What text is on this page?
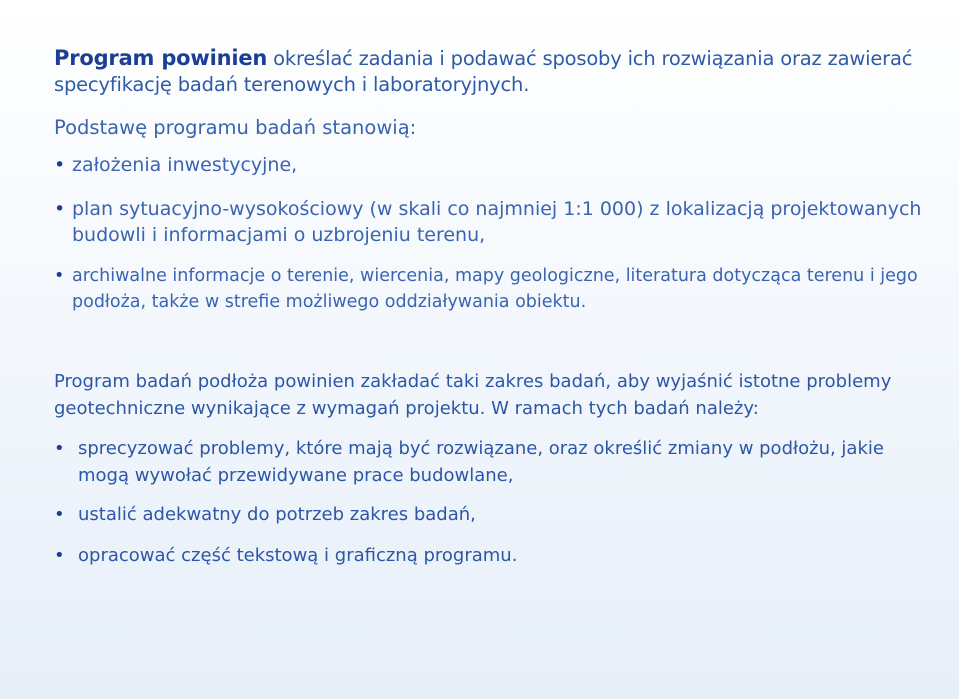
Program powinien określać zadania i podawać sposoby ich rozwiązania oraz zawierać specyfikację badań terenowych i laboratoryjnych.
Podstawę programu badań stanowią:
• założenia inwestycyjne,
• plan sytuacyjno-wysokościowy (w skali co najmniej 1:1 000) z lokalizacją projektowanych budowli i informacjami o uzbrojeniu terenu,
• archiwalne informacje o terenie, wiercenia, mapy geologiczne, literatura dotycząca terenu i jego podłoża, także w strefie możliwego oddziaływania obiektu.
Program badań podłoża powinien zakładać taki zakres badań, aby wyjaśnić istotne problemy geotechniczne wynikające z wymagań projektu. W ramach tych badań należy:
• sprecyzować problemy, które mają być rozwiązane, oraz określić zmiany w podłożu, jakie mogą wywołać przewidywane prace budowlane,
• ustalić adekwatny do potrzeb zakres badań,
• opracować część tekstową i graficzną programu.
